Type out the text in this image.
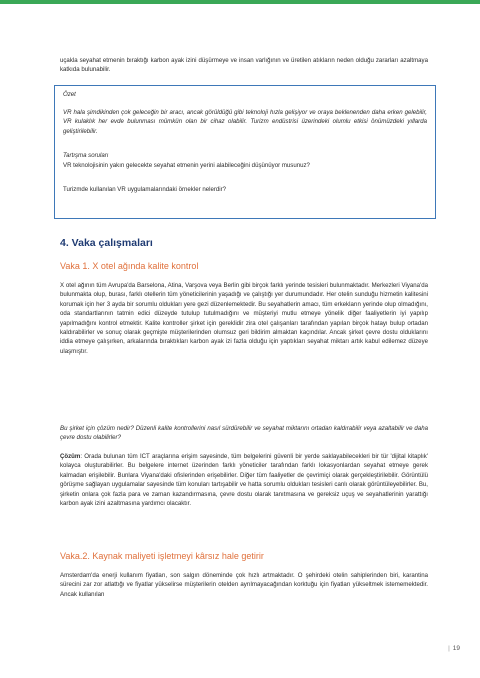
uçakla seyahat etmenin bıraktığı karbon ayak izini düşürmeye ve insan varlığının ve üretilen atıkların neden olduğu zararları azaltmaya katkıda bulunabilir.

Özet

VR hala şimdikinden çok geleceğin bir aracı, ancak görüldüğü gibi teknoloji hızla gelişiyor ve oraya beklenenden daha erken gelebilir, VR kulaklık her evde bulunması mümkün olan bir cihaz olabilir. Turizm endüstrisi üzerindeki olumlu etkisi önümüzdeki yıllarda geliştirilebilir.

Tartışma soruları

VR teknolojisinin yakın gelecekte seyahat etmenin yerini alabileceğini düşünüyor musunuz?

Turizmde kullanılan VR uygulamalarındaki örnekler nelerdir?

4. Vaka çalışmaları
Vaka 1. X otel ağında kalite kontrol

X otel ağının tüm Avrupa'da Barselona, Atina, Varşova veya Berlin gibi birçok farklı yerinde tesisleri bulunmaktadır. Merkezleri Viyana'da bulunmakta olup, burası, farklı otellerin tüm yöneticilerinin yaşadığı ve çalıştığı yer durumundadır. Her otelin sunduğu hizmetin kalitesini korumak için her 3 ayda bir sorumlu oldukları yere gezi düzenlemektedir. Bu seyahatlerin amacı, tüm erkekların yerinde olup olmadığını, oda standartlarının tatmin edici düzeyde tutulup tutulmadığını ve müşteriyi mutlu etmeye yönelik diğer faaliyetlerin iyi yapılıp yapılmadığını kontrol etmektir. Kalite kontroller şirket için gereklidir zira otel çalışanları tarafından yapılan birçok hatayı bulup ortadan kaldırabilirler ve sonuç olarak geçmişte müşterilerinden olumsuz geri bildirim almaktan kaçındılar. Ancak şirket çevre dostu olduklarını iddia etmeye çalışırken, arkalarında bıraktıkları karbon ayak izi fazla olduğu için yaptıkları seyahat miktarı artık kabul edilemez düzeye ulaşmıştır.

Bu şirket için çözüm nedir? Düzenli kalite kontrollerini nasıl sürdürebilir ve seyahat miktarını ortadan kaldırabilir veya azaltabilir ve daha çevre dostu olabilirler?

Çözüm: Orada bulunan tüm ICT araçlarına erişim sayesinde, tüm belgelerini güvenli bir yerde saklayabilecekleri bir tür 'dijital kitaplık' kolayca oluşturabilirler. Bu belgelere internet üzerinden farklı yöneticiler tarafından farklı lokasyonlardan seyahat etmeye gerek kalmadan erişilebilir. Bunlara Viyana'daki ofislerinden erişebilirler. Diğer tüm faaliyetler de çevrimiçi olarak gerçekleştirilebilir. Görüntülü görüşme sağlayan uygulamalar sayesinde tüm konuları tartışabilir ve hatta sorumlu oldukları tesisleri canlı olarak görüntüleyebilirler. Bu, şirketin onlara çok fazla para ve zaman kazandırmasına, çevre dostu olarak tanıtmasına ve gereksiz uçuş ve seyahatlerinin yarattığı karbon ayak izini azaltmasına yardımcı olacaktır.

Vaka.2. Kaynak maliyeti işletmeyi kârsız hale getirir

Amsterdam'da enerji kullanım fiyatları, son salgın döneminde çok hızlı artmaktadır. O şehirdeki otelin sahiplerinden biri, karantina sürecini zar zor atlattığı ve fiyatlar yükselirse müşterilerin otelden ayrılmayacağından korktuğu için fiyatları yükseltmek istememektedir. Ancak kullanılan

| 19
